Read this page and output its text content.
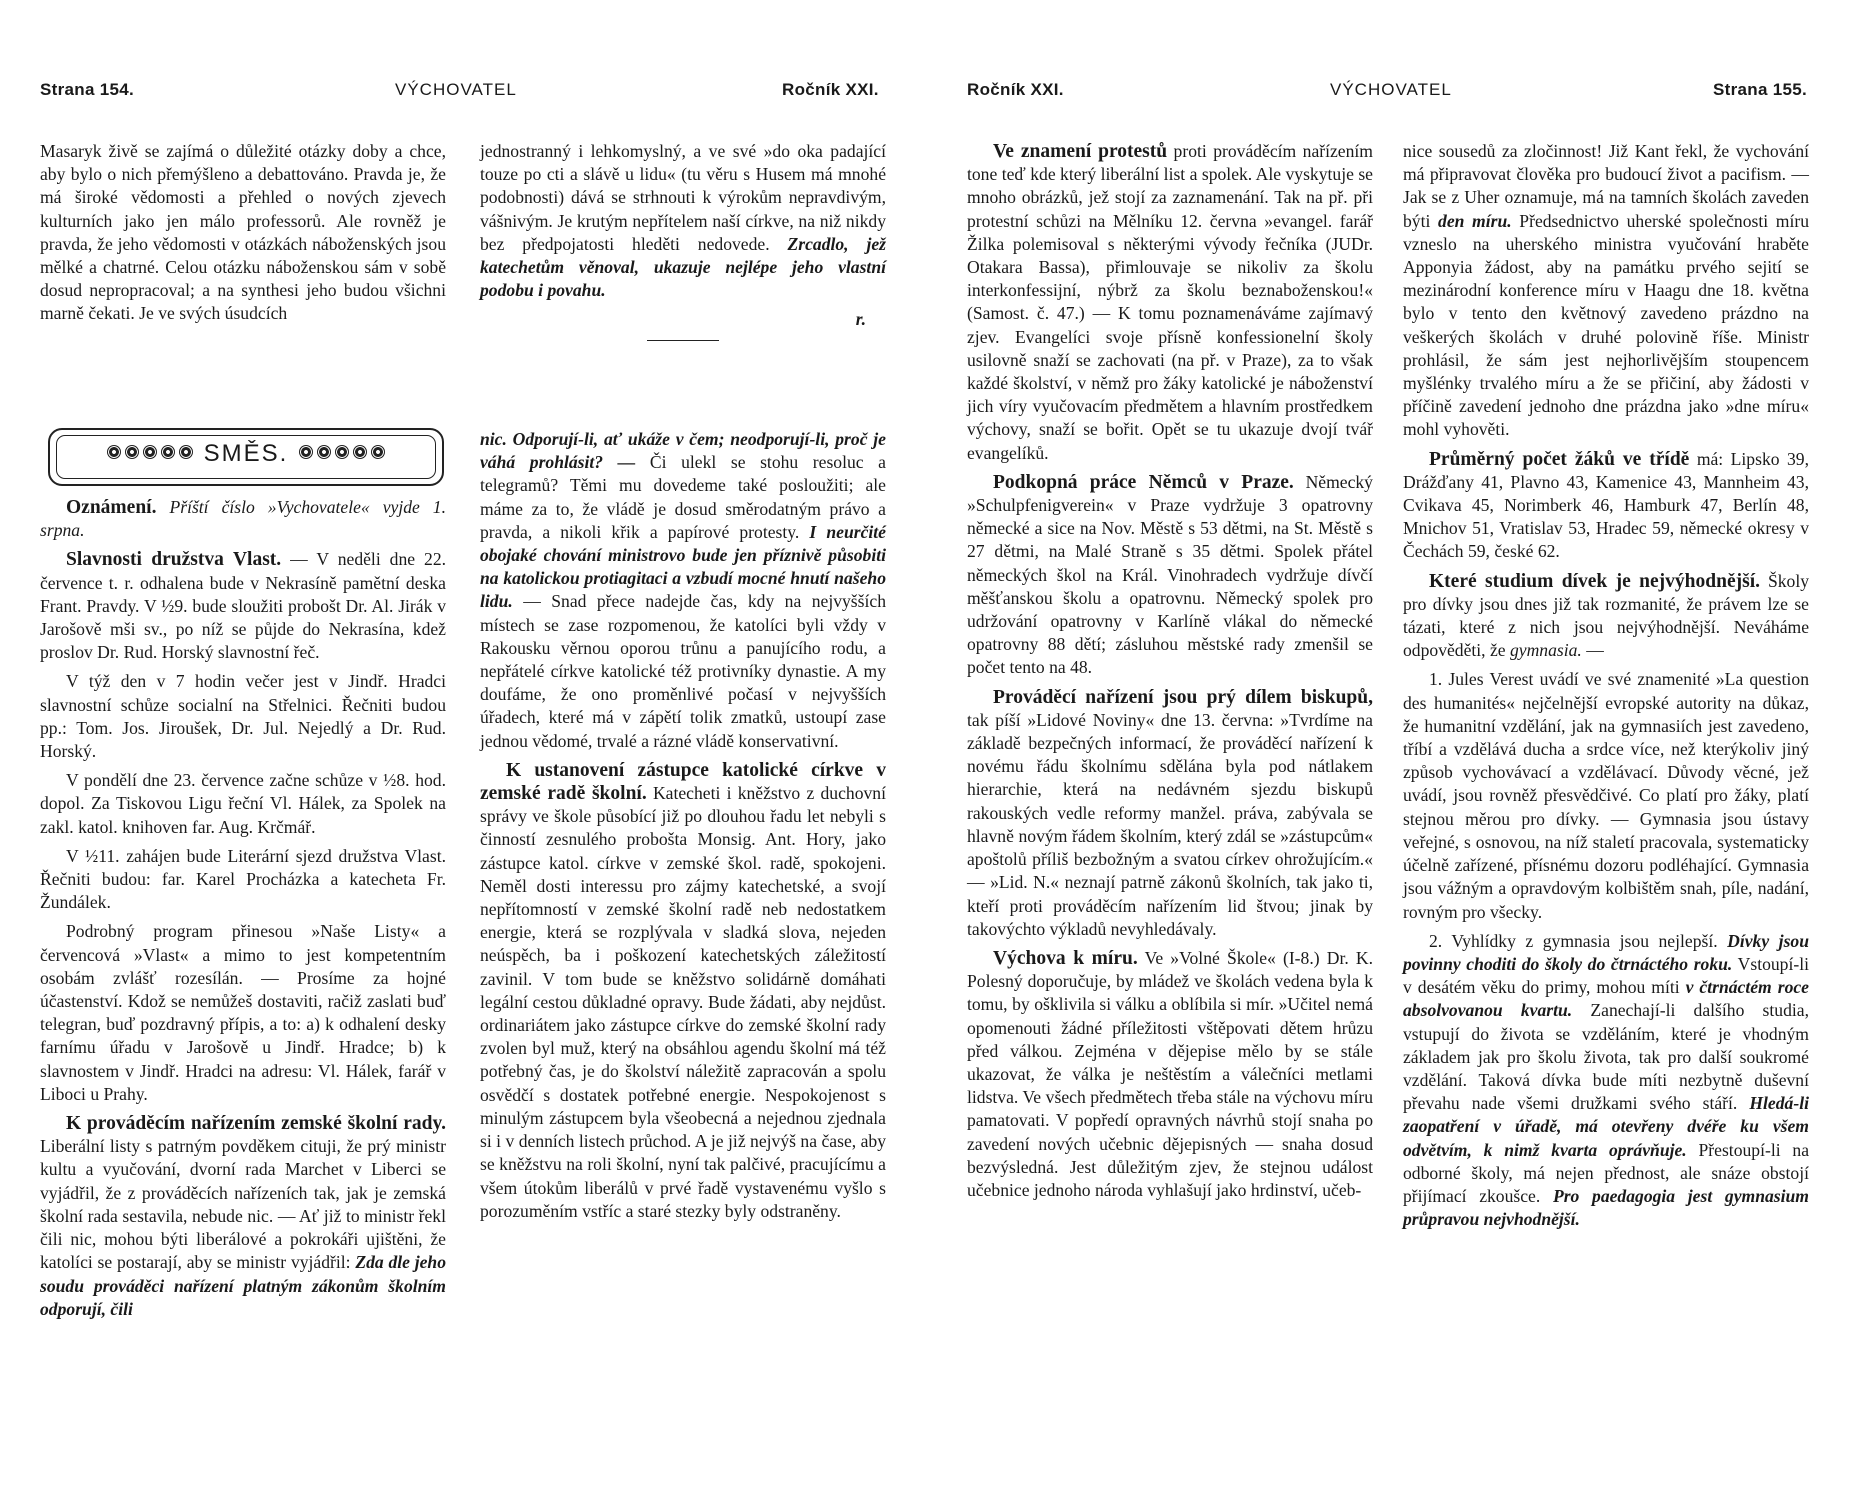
Strana 154.	VÝCHOVATEL	Ročník XXI.

Masaryk živě se zajímá o důležité otázky doby a chce, aby bylo o nich přemýšleno a debattováno. Pravda je, že má široké vědomosti a přehled o nových zjevech kulturních jako jen málo professorů. Ale rovněž je pravda, že jeho vědomosti v otázkách náboženských jsou mělké a chatrné. Celou otázku náboženskou sám v sobě dosud nepropracoval; a na synthesi jeho budou všichni marně čekati. Je ve svých úsudcích

jednostranný i lehkomyslný, a ve své »do oka padající touze po cti a slávě u lidu« (tu věru s Husem má mnohé podobnosti) dává se strhnouti k výrokům nepravdivým, vášnivým. Je krutým nepřítelem naší církve, na niž nikdy bez předpojatosti hleděti nedovede. Zrcadlo, jež katechetům věnoval, ukazuje nejlépe jeho vlastní podobu i povahu.

r.
SMĚS.

Oznámení. Příští číslo »Vychovatele« vyjde 1. srpna.

Slavnosti družstva Vlast. — V neděli dne 22. července t. r. odhalena bude v Nekrasíně pamětní deska Frant. Pravdy. V ½9. bude sloužiti probošt Dr. Al. Jirák v Jarošově mši sv., po níž se půjde do Nekrasína, kdež proslov Dr. Rud. Horský slavnostní řeč.

V týž den v 7 hodin večer jest v Jindř. Hradci slavnostní schůze socialní na Střelnici. Řečniti budou pp.: Tom. Jos. Jiroušek, Dr. Jul. Nejedlý a Dr. Rud. Horský.

V pondělí dne 23. července začne schůze v ½8. hod. dopol. Za Tiskovou Ligu řeční Vl. Hálek, za Spolek na zakl. katol. knihoven far. Aug. Krčmář.

V ½11. zahájen bude Literární sjezd družstva Vlast. Řečniti budou: far. Karel Procházka a katecheta Fr. Žundálek.

Podrobný program přinesou »Naše Listy« a červencová »Vlast« a mimo to jest kompetentním osobám zvlášť rozesílán. — Prosíme za hojné účastenství. Kdož se nemůžeš dostaviti, račiž zaslati buď telegran, buď pozdravný přípis, a to: a) k odhalení desky farnímu úřadu v Jarošově u Jindř. Hradce; b) k slavnostem v Jindř. Hradci na adresu: Vl. Hálek, farář v Liboci u Prahy.

K prováděcím nařízením zemské školní rady. Liberální listy s patrným povděkem cituji, že prý ministr kultu a vyučování, dvorní rada Marchet v Liberci se vyjádřil, že z prováděcích nařízeních tak, jak je zemská školní rada sestavila, nebude nic. — Ať již to ministr řekl čili nic, mohou býti liberálové a pokrokáři ujištěni, že katolíci se postarají, aby se ministr vyjádřil: Zda dle jeho soudu prováděci nařízení platným zákonům školním odporují, čili

nic. Odporují-li, ať ukáže v čem; neodporují-li, proč je váhá prohlásit? — Či ulekl se stohu resoluc a telegramů? Těmi mu dovedeme také posloužiti; ale máme za to, že vládě je dosud směrodatným právo a pravda, a nikoli křik a papírové protesty. I neurčité obojaké chování ministrovo bude jen příznivě působiti na katolickou protiagitaci a vzbudí mocné hnutí našeho lidu. — Snad přece nadejde čas, kdy na nejvyšších místech se zase rozpomenou, že katolíci byli vždy v Rakousku věrnou oporou trůnu a panujícího rodu, a nepřátelé církve katolické též protivníky dynastie. A my doufáme, že ono proměnlivé počasí v nejvyšších úřadech, které má v zápětí tolik zmatků, ustoupí zase jednou vědomé, trvalé a rázné vládě konservativní.

K ustanovení zástupce katolické církve v zemské radě školní. Katecheti i kněžstvo z duchovní správy ve škole působící již po dlouhou řadu let nebyli s činností zesnulého probošta Monsig. Ant. Hory, jako zástupce katol. církve v zemské škol. radě, spokojeni. Neměl dosti interessu pro zájmy katechetské, a svojí nepřítomností v zemské školní radě neb nedostatkem energie, která se rozplývala v sladká slova, nejeden neúspěch, ba i poškození katechetských záležitostí zavinil. V tom bude se kněžstvo solidárně domáhati legální cestou důkladné opravy. Bude žádati, aby nejdůst. ordinariátem jako zástupce církve do zemské školní rady zvolen byl muž, který na obsáhlou agendu školní má též potřebný čas, je do školství náležitě zapracován a spolu osvědčí s dostatek potřebné energie. Nespokojenost s minulým zástupcem byla všeobecná a nejednou zjednala si i v denních listech průchod. A je již nejvýš na čase, aby se kněžstvu na roli školní, nyní tak palčivé, pracujícímu a všem útokům liberálů v prvé řadě vystavenému vyšlo s porozuměním vstříc a staré stezky byly odstraněny.

Ročník XXI.	VÝCHOVATEL	Strana 155.

Ve znamení protestů proti prováděcím nařízením tone teď kde který liberální list a spolek. Ale vyskytuje se mnoho obrázků, jež stojí za zaznamenání. Tak na př. při protestní schůzi na Mělníku 12. června »evangel. farář Žilka polemisoval s některými vývody řečníka (JUDr. Otakara Bassa), přimlouvaje se nikoliv za školu interkonfessijní, nýbrž za školu beznaboženskou!« (Samost. č. 47.) — K tomu poznamenáváme zajímavý zjev. Evangelíci svoje přísně konfessionelní školy usilovně snaží se zachovati (na př. v Praze), za to však každé školství, v němž pro žáky katolické je náboženství jich víry vyučovacím předmětem a hlavním prostředkem výchovy, snaží se bořit. Opět se tu ukazuje dvojí tvář evangelíků.

Podkopná práce Němců v Praze. Německý »Schulpfenigverein« v Praze vydržuje 3 opatrovny německé a sice na Nov. Městě s 53 dětmi, na St. Městě s 27 dětmi, na Malé Straně s 35 dětmi. Spolek přátel německých škol na Král. Vinohradech vydržuje dívčí měšťanskou školu a opatrovnu. Německý spolek pro udržování opatrovny v Karlíně vlákal do německé opatrovny 88 dětí; zásluhou městské rady zmenšil se počet tento na 48.

Prováděcí nařízení jsou prý dílem biskupů, tak píší »Lidové Noviny« dne 13. června: »Tvrdíme na základě bezpečných informací, že prováděcí nařízení k novému řádu školnímu sdělána byla pod nátlakem hierarchie, která na nedávném sjezdu biskupů rakouských vedle reformy manžel. práva, zabývala se hlavně novým řádem školním, který zdál se »zástupcům« apoštolů příliš bezbožným a svatou církev ohrožujícím.« — »Lid. N.« neznají patrně zákonů školních, tak jako ti, kteří proti prováděcím nařízením lid štvou; jinak by takovýchto výkladů nevyhledávaly.

Výchova k míru. Ve »Volné Škole« (I-8.) Dr. K. Polesný doporučuje, by mládež ve školách vedena byla k tomu, by ošklivila si válku a oblíbila si mír. »Učitel nemá opomenouti žádné příležitosti vštěpovati dětem hrůzu před válkou. Zejména v dějepise mělo by se stále ukazovat, že válka je neštěstím a válečníci metlami lidstva. Ve všech předmětech třeba stále na výchovu míru pamatovati. V popředí opravných návrhů stojí snaha po zavedení nových učebnic dějepisných — snaha dosud bezvýsledná. Jest důležitým zjev, že stejnou událost učebnice jednoho národa vyhlašují jako hrdinství, učeb-

nice sousedů za zločinnost! Již Kant řekl, že vychování má připravovat člověka pro budoucí život a pacifism. — Jak se z Uher oznamuje, má na tamních školách zaveden býti den míru. Předsednictvo uherské společnosti míru vzneslo na uherského ministra vyučování hraběte Apponyia žádost, aby na památku prvého sejití se mezinárodní konference míru v Haagu dne 18. května bylo v tento den květnový zavedeno prázdno na veškerých školách v druhé polovině říše. Ministr prohlásil, že sám jest nejhorlivějším stoupencem myšlénky trvalého míru a že se přičiní, aby žádosti v příčině zavedení jednoho dne prázdna jako »dne míru« mohl vyhověti.

Průměrný počet žáků ve třídě má: Lipsko 39, Drážďany 41, Plavno 43, Kamenice 43, Mannheim 43, Cvikava 45, Norimberk 46, Hamburk 47, Berlín 48, Mnichov 51, Vratislav 53, Hradec 59, německé okresy v Čechách 59, české 62.

Které studium dívek je nejvýhodnější. Školy pro dívky jsou dnes již tak rozmanité, že právem lze se tázati, které z nich jsou nejvýhodnější. Neváháme odpověděti, že gymnasia. —

1. Jules Verest uvádí ve své znamenité »La question des humanités« nejčelnější evropské autority na důkaz, že humanitní vzdělání, jak na gymnasiích jest zavedeno, tříbí a vzdělává ducha a srdce více, než kterýkoliv jiný způsob vychovávací a vzdělávací. Důvody věcné, jež uvádí, jsou rovněž přesvědčivé. Co platí pro žáky, platí stejnou měrou pro dívky. — Gymnasia jsou ústavy veřejné, s osnovou, na níž staletí pracovala, systematicky účelně zařízené, přísnému dozoru podléhající. Gymnasia jsou vážným a opravdovým kolbištěm snah, píle, nadání, rovným pro všecky.

2. Vyhlídky z gymnasia jsou nejlepší. Dívky jsou povinny choditi do školy do čtrnáctého roku. Vstoupí-li v desátém věku do primy, mohou míti v čtrnáctém roce absolvovanou kvartu. Zanechají-li dalšího studia, vstupují do života se vzděláním, které je vhodným základem jak pro školu života, tak pro další soukromé vzdělání. Taková dívka bude míti nezbytně duševní převahu nade všemi družkami svého stáří. Hledá-li zaopatření v úřadě, má otevřeny dvéře ku všem odvětvím, k nimž kvarta oprávňuje. Přestoupí-li na odborné školy, má nejen přednost, ale snáze obstojí přijímací zkoušce. Pro paedagogia jest gymnasium průpravou nejvhodnější.
